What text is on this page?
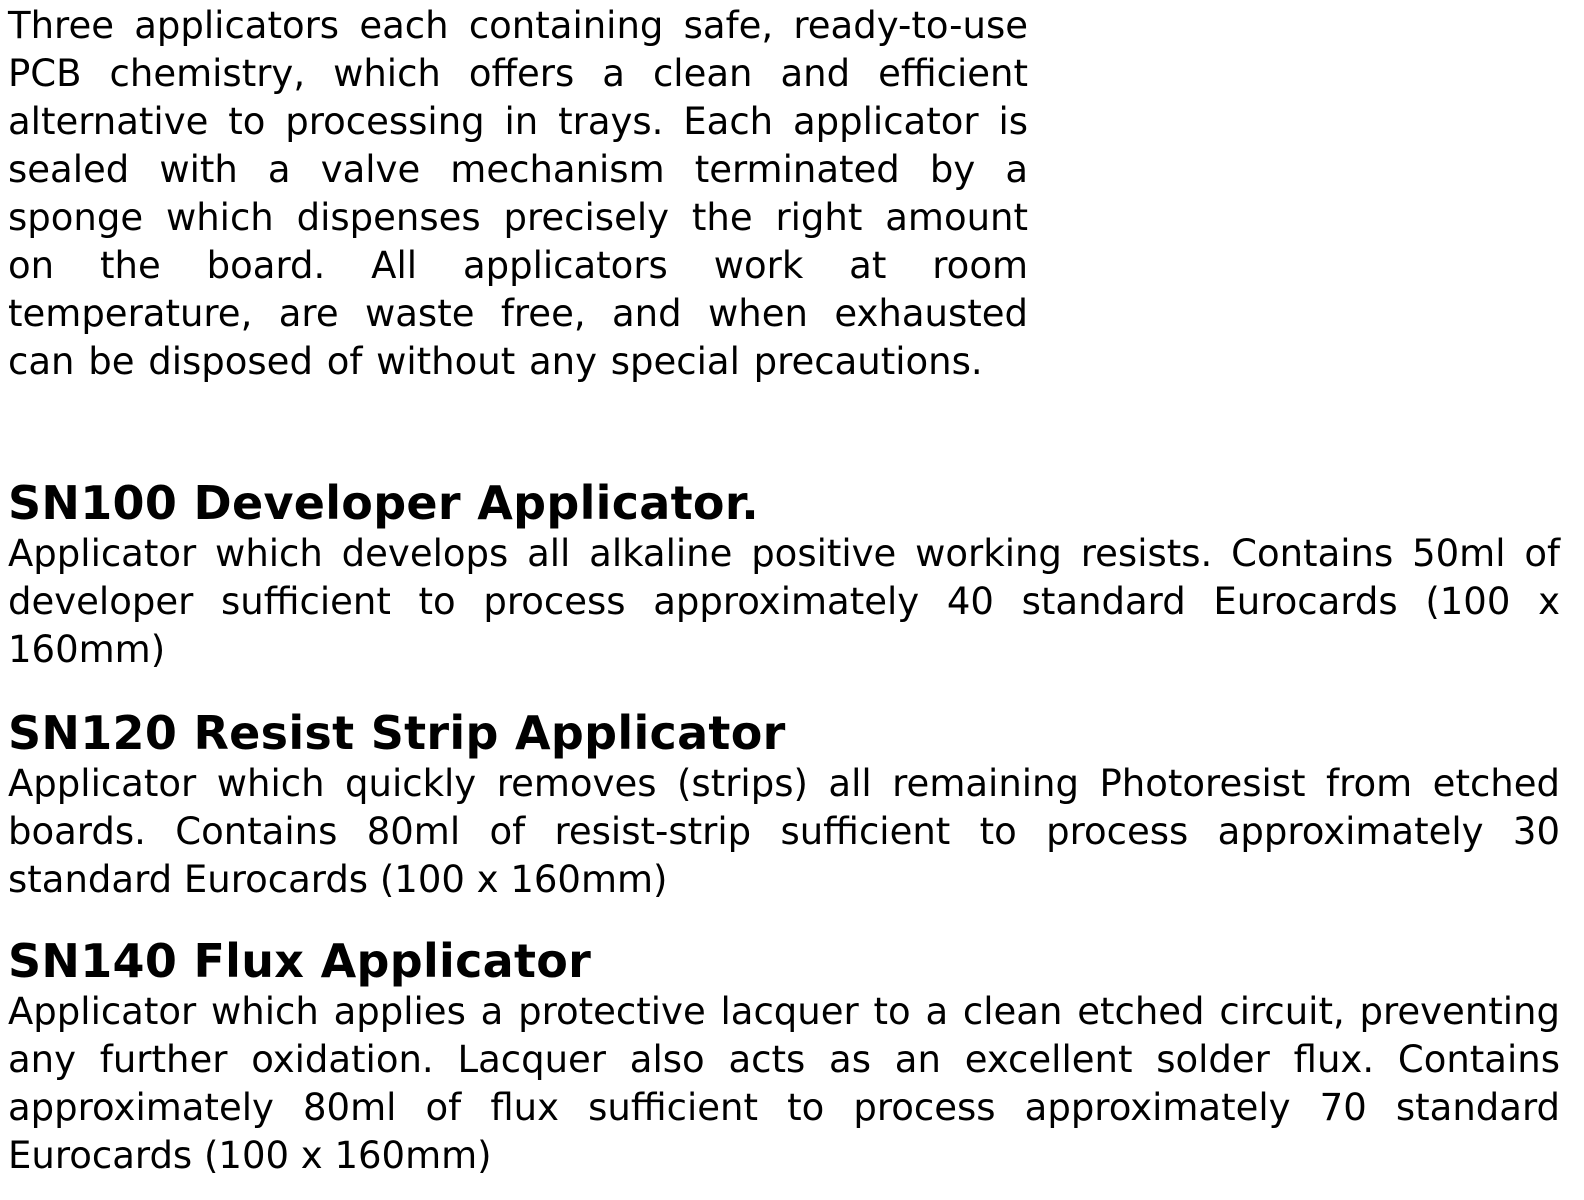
Three applicators each containing safe, ready-to-use PCB chemistry, which offers a clean and efficient alternative to processing in trays. Each applicator is sealed with a valve mechanism terminated by a sponge which dispenses precisely the right amount on the board. All applicators work at room temperature, are waste free, and when exhausted can be disposed of without any special precautions.

SN100 Developer Applicator.

Applicator which develops all alkaline positive working resists. Contains 50ml of developer sufficient to process approximately 40 standard Eurocards (100 x 160mm)

SN120 Resist Strip Applicator

Applicator which quickly removes (strips) all remaining Photoresist from etched boards. Contains 80ml of resist-strip sufficient to process approximately 30 standard Eurocards (100 x 160mm)

SN140 Flux Applicator

Applicator which applies a protective lacquer to a clean etched circuit, preventing any further oxidation. Lacquer also acts as an excellent solder flux. Contains approximately 80ml of flux sufficient to process approximately 70 standard Eurocards (100 x 160mm)
